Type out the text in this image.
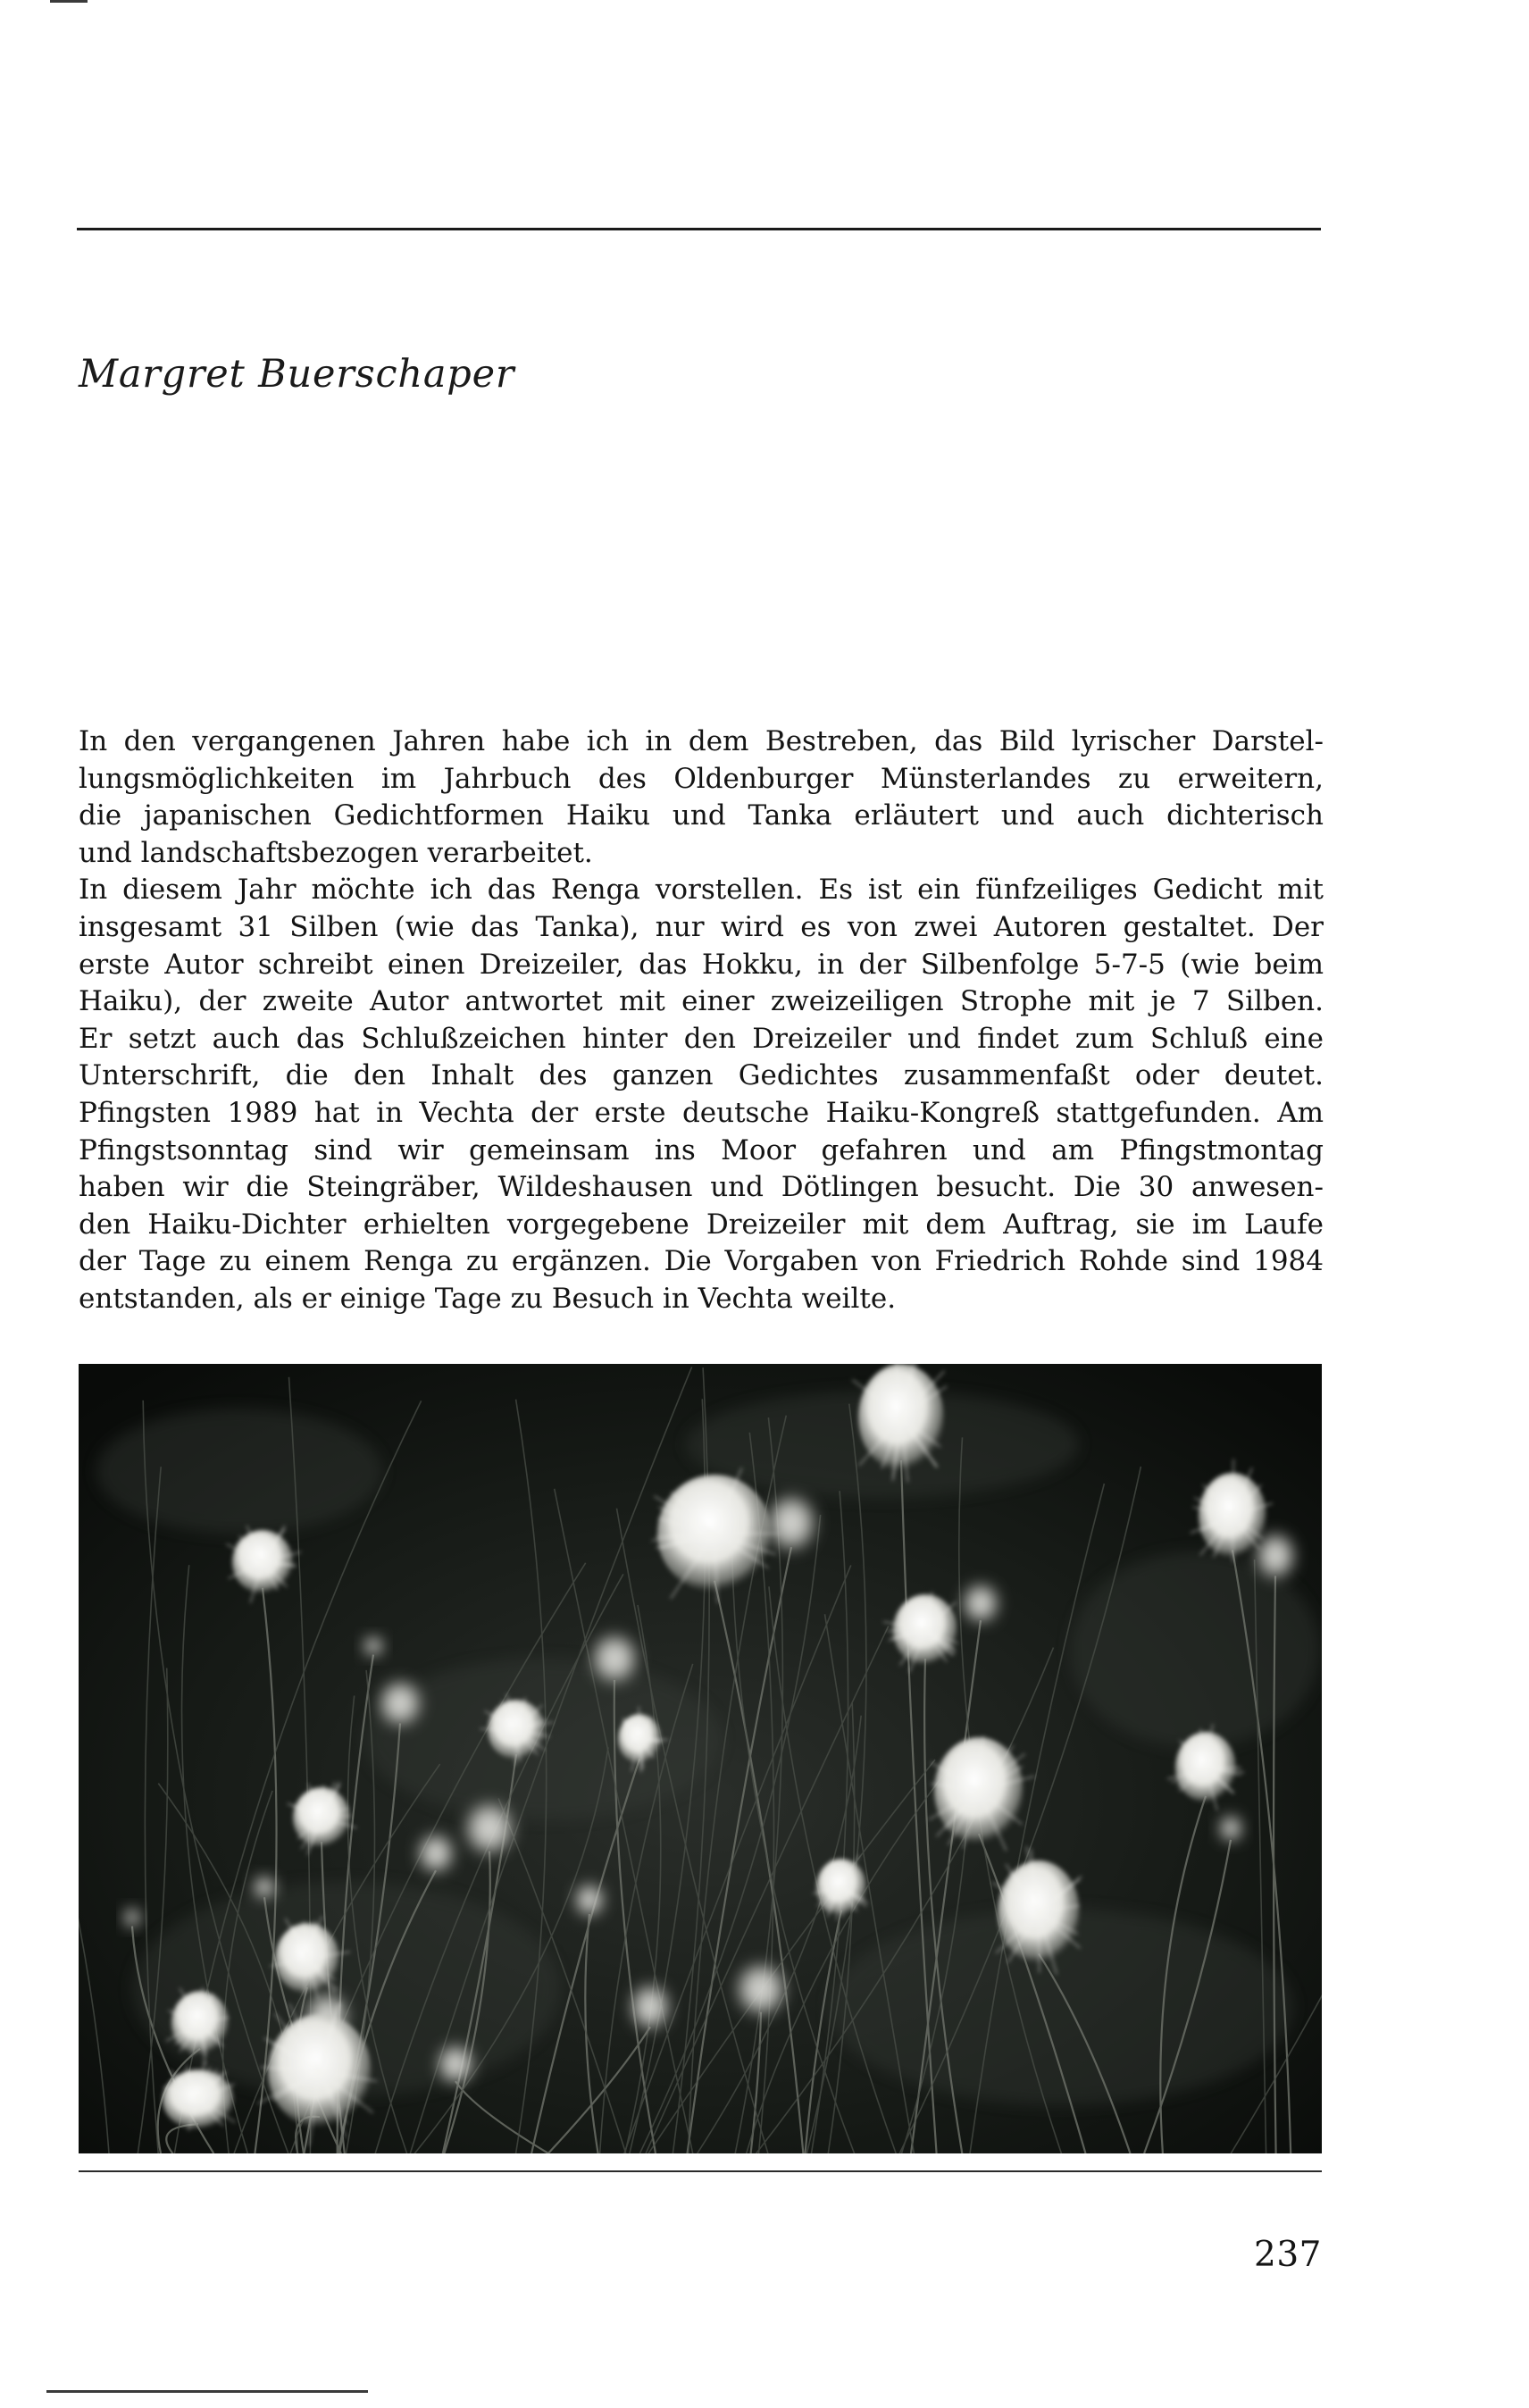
Margret Buerschaper
In den vergangenen Jahren habe ich in dem Bestreben, das Bild lyrischer Darstel-
lungsmöglichkeiten im Jahrbuch des Oldenburger Münsterlandes zu erweitern,
die japanischen Gedichtformen Haiku und Tanka erläutert und auch dichterisch
und landschaftsbezogen verarbeitet.
In diesem Jahr möchte ich das Renga vorstellen. Es ist ein fünfzeiliges Gedicht mit
insgesamt 31 Silben (wie das Tanka), nur wird es von zwei Autoren gestaltet. Der
erste Autor schreibt einen Dreizeiler, das Hokku, in der Silbenfolge 5-7-5 (wie beim
Haiku), der zweite Autor antwortet mit einer zweizeiligen Strophe mit je 7 Silben.
Er setzt auch das Schlußzeichen hinter den Dreizeiler und findet zum Schluß eine
Unterschrift, die den Inhalt des ganzen Gedichtes zusammenfaßt oder deutet.
Pfingsten 1989 hat in Vechta der erste deutsche Haiku-Kongreß stattgefunden. Am
Pfingstsonntag sind wir gemeinsam ins Moor gefahren und am Pfingstmontag
haben wir die Steingräber, Wildeshausen und Dötlingen besucht. Die 30 anwesen-
den Haiku-Dichter erhielten vorgegebene Dreizeiler mit dem Auftrag, sie im Laufe
der Tage zu einem Renga zu ergänzen. Die Vorgaben von Friedrich Rohde sind 1984
entstanden, als er einige Tage zu Besuch in Vechta weilte.

237
